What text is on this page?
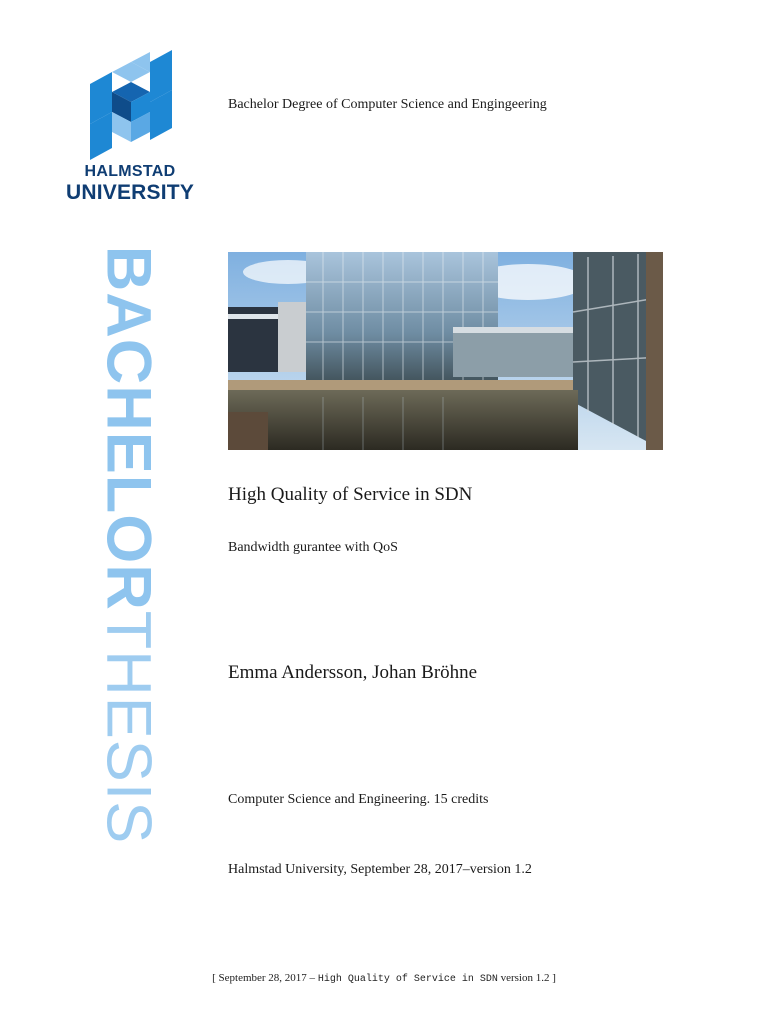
HALMSTAD
UNIVERSITY
Bachelor Degree of Computer Science and Engingeering
BACHELORTHESIS
High Quality of Service in SDN
Bandwidth gurantee with QoS
Emma Andersson, Johan Bröhne
Computer Science and Engineering. 15 credits
Halmstad University, September 28, 2017–version 1.2
[ September 28, 2017 – High Quality of Service in SDN version 1.2 ]
